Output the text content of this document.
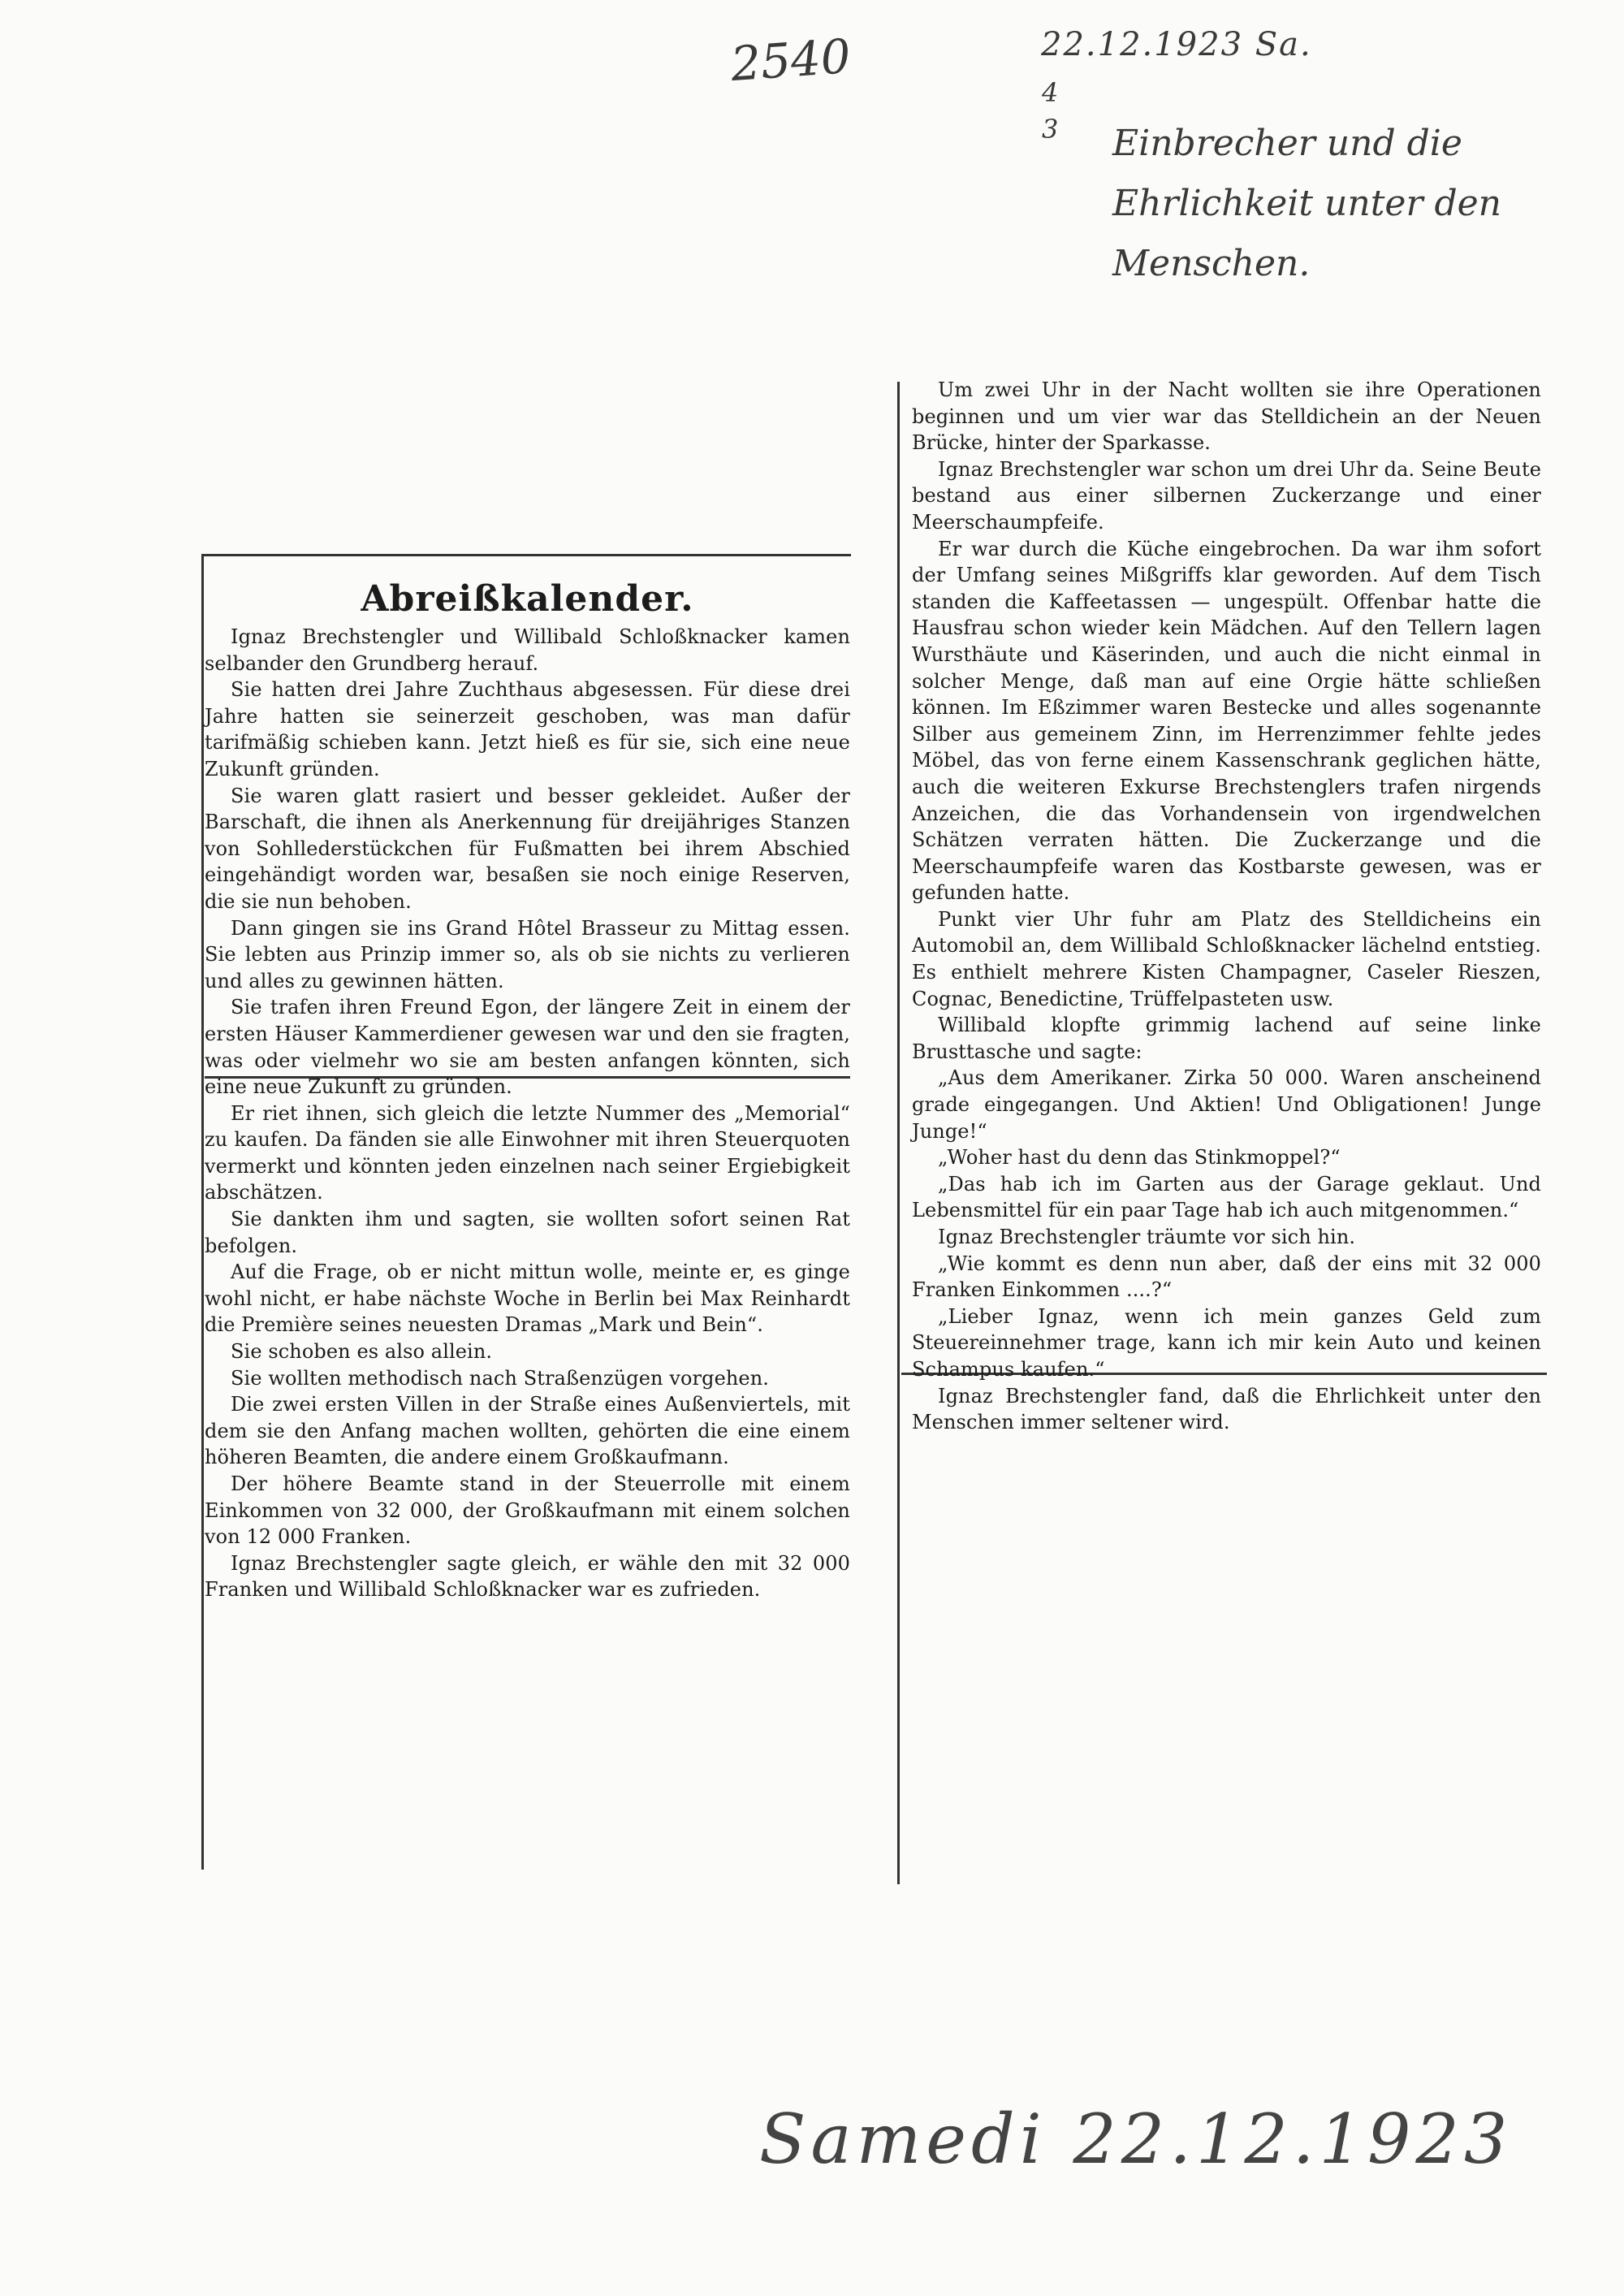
2540	22.12.1923 Sa.
4
3 Einbrecher und die Ehrlichkeit unter den Menschen.
Abreißkalender.

Ignaz Brechstengler und Willibald Schloßknacker kamen selbander den Grundberg herauf.

Sie hatten drei Jahre Zuchthaus abgesessen. Für diese drei Jahre hatten sie seinerzeit geschoben, was man dafür tarifmäßig schieben kann. Jetzt hieß es für sie, sich eine neue Zukunft gründen.

Sie waren glatt rasiert und besser gekleidet. Außer der Barschaft, die ihnen als Anerkennung für dreijähriges Stanzen von Sohllederstückchen für Fußmatten bei ihrem Abschied eingehändigt worden war, besaßen sie noch einige Reserven, die sie nun behoben.

Dann gingen sie ins Grand Hôtel Brasseur zu Mittag essen. Sie lebten aus Prinzip immer so, als ob sie nichts zu verlieren und alles zu gewinnen hätten.

Sie trafen ihren Freund Egon, der längere Zeit in einem der ersten Häuser Kammerdiener gewesen war und den sie fragten, was oder vielmehr wo sie am besten anfangen könnten, sich eine neue Zukunft zu gründen.

Er riet ihnen, sich gleich die letzte Nummer des „Memorial“ zu kaufen. Da fänden sie alle Einwohner mit ihren Steuerquoten vermerkt und könnten jeden einzelnen nach seiner Ergiebigkeit abschätzen.

Sie dankten ihm und sagten, sie wollten sofort seinen Rat befolgen.

Auf die Frage, ob er nicht mittun wolle, meinte er, es ginge wohl nicht, er habe nächste Woche in Berlin bei Max Reinhardt die Première seines neuesten Dramas „Mark und Bein“.

Sie schoben es also allein.

Sie wollten methodisch nach Straßenzügen vorgehen.

Die zwei ersten Villen in der Straße eines Außenviertels, mit dem sie den Anfang machen wollten, gehörten die eine einem höheren Beamten, die andere einem Großkaufmann.

Der höhere Beamte stand in der Steuerrolle mit einem Einkommen von 32 000, der Großkaufmann mit einem solchen von 12 000 Franken.

Ignaz Brechstengler sagte gleich, er wähle den mit 32 000 Franken und Willibald Schloßknacker war es zufrieden.

Um zwei Uhr in der Nacht wollten sie ihre Operationen beginnen und um vier war das Stelldichein an der Neuen Brücke, hinter der Sparkasse.

Ignaz Brechstengler war schon um drei Uhr da. Seine Beute bestand aus einer silbernen Zuckerzange und einer Meerschaumpfeife.

Er war durch die Küche eingebrochen. Da war ihm sofort der Umfang seines Mißgriffs klar geworden. Auf dem Tisch standen die Kaffeetassen — ungespült. Offenbar hatte die Hausfrau schon wieder kein Mädchen. Auf den Tellern lagen Wursthäute und Käserinden, und auch die nicht einmal in solcher Menge, daß man auf eine Orgie hätte schließen können. Im Eßzimmer waren Bestecke und alles sogenannte Silber aus gemeinem Zinn, im Herrenzimmer fehlte jedes Möbel, das von ferne einem Kassenschrank geglichen hätte, auch die weiteren Exkurse Brechstenglers trafen nirgends Anzeichen, die das Vorhandensein von irgendwelchen Schätzen verraten hätten. Die Zuckerzange und die Meerschaumpfeife waren das Kostbarste gewesen, was er gefunden hatte.

Punkt vier Uhr fuhr am Platz des Stelldicheins ein Automobil an, dem Willibald Schloßknacker lächelnd entstieg. Es enthielt mehrere Kisten Champagner, Caseler Rieszen, Cognac, Benedictine, Trüffelpasteten usw.

Willibald klopfte grimmig lachend auf seine linke Brusttasche und sagte:

„Aus dem Amerikaner. Zirka 50 000. Waren anscheinend grade eingegangen. Und Aktien! Und Obligationen! Junge Junge!“

„Woher hast du denn das Stinkmoppel?“

„Das hab ich im Garten aus der Garage geklaut. Und Lebensmittel für ein paar Tage hab ich auch mitgenommen.“

Ignaz Brechstengler träumte vor sich hin.

„Wie kommt es denn nun aber, daß der eins mit 32 000 Franken Einkommen ....?“

„Lieber Ignaz, wenn ich mein ganzes Geld zum Steuereinnehmer trage, kann ich mir kein Auto und keinen Schampus kaufen.“

Ignaz Brechstengler fand, daß die Ehrlichkeit unter den Menschen immer seltener wird.

Samedi 22.12.1923
